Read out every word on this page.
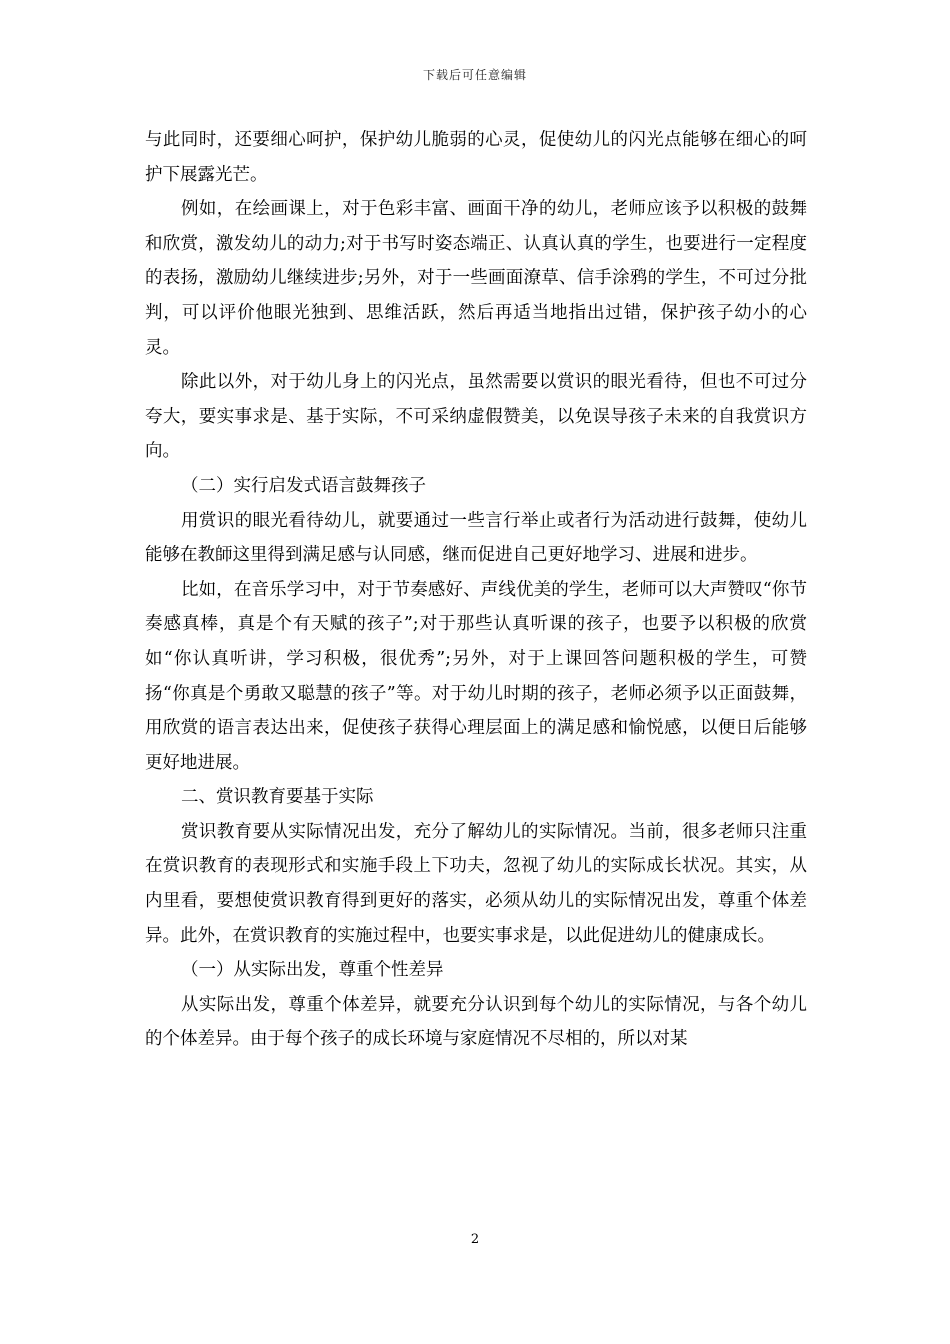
下载后可任意编辑

与此同时，还要细心呵护，保护幼儿脆弱的心灵，促使幼儿的闪光点能够在细心的呵护下展露光芒。

例如，在绘画课上，对于色彩丰富、画面干净的幼儿，老师应该予以积极的鼓舞和欣赏，激发幼儿的动力;对于书写时姿态端正、认真认真的学生，也要进行一定程度的表扬，激励幼儿继续进步;另外，对于一些画面潦草、信手涂鸦的学生，不可过分批判，可以评价他眼光独到、思维活跃，然后再适当地指出过错，保护孩子幼小的心灵。

除此以外，对于幼儿身上的闪光点，虽然需要以赏识的眼光看待，但也不可过分夸大，要实事求是、基于实际，不可采纳虚假赞美，以免误导孩子未来的自我赏识方向。

（二）实行启发式语言鼓舞孩子

用赏识的眼光看待幼儿，就要通过一些言行举止或者行为活动进行鼓舞，使幼儿能够在教師这里得到满足感与认同感，继而促进自己更好地学习、进展和进步。

比如，在音乐学习中，对于节奏感好、声线优美的学生，老师可以大声赞叹“你节奏感真棒，真是个有天赋的孩子”;对于那些认真听课的孩子，也要予以积极的欣赏如“你认真听讲，学习积极，很优秀”;另外，对于上课回答问题积极的学生，可赞扬“你真是个勇敢又聪慧的孩子”等。对于幼儿时期的孩子，老师必须予以正面鼓舞，用欣赏的语言表达出来，促使孩子获得心理层面上的满足感和愉悦感，以便日后能够更好地进展。

二、赏识教育要基于实际

赏识教育要从实际情况出发，充分了解幼儿的实际情况。当前，很多老师只注重在赏识教育的表现形式和实施手段上下功夫，忽视了幼儿的实际成长状况。其实，从内里看，要想使赏识教育得到更好的落实，必须从幼儿的实际情况出发，尊重个体差异。此外，在赏识教育的实施过程中，也要实事求是，以此促进幼儿的健康成长。

（一）从实际出发，尊重个性差异

从实际出发，尊重个体差异，就要充分认识到每个幼儿的实际情况，与各个幼儿的个体差异。由于每个孩子的成长环境与家庭情况不尽相的，所以对某

2
